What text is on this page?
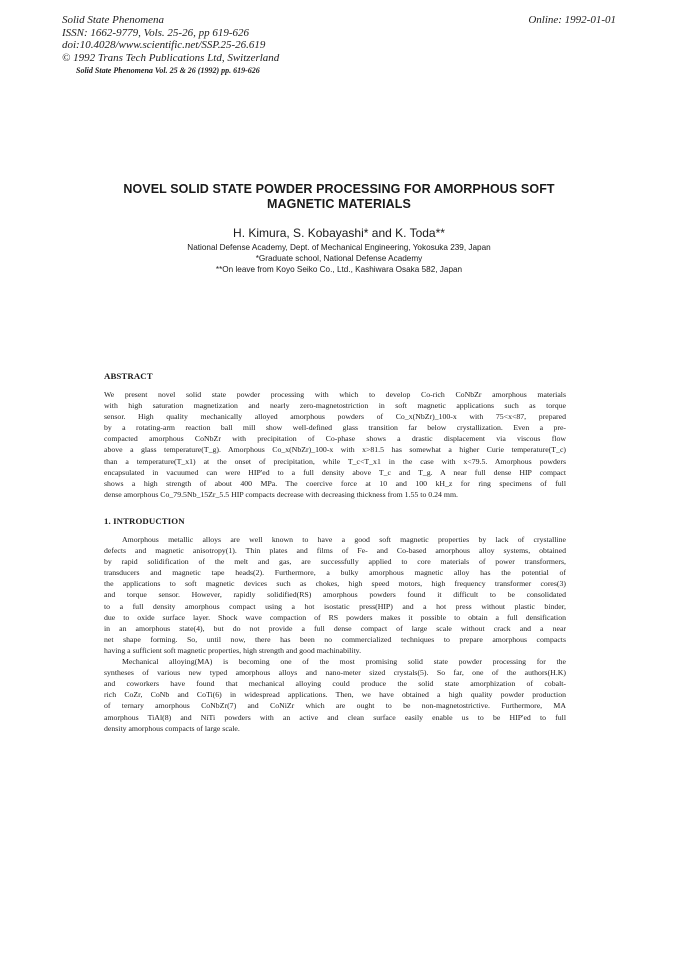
Solid State Phenomena	Online: 1992-01-01
ISSN: 1662-9779, Vols. 25-26, pp 619-626
doi:10.4028/www.scientific.net/SSP.25-26.619
© 1992 Trans Tech Publications Ltd, Switzerland
Solid State Phenomena Vol. 25 & 26 (1992) pp. 619-626
NOVEL SOLID STATE POWDER PROCESSING FOR AMORPHOUS SOFT
MAGNETIC MATERIALS
H. Kimura, S. Kobayashi* and K. Toda**
National Defense Academy, Dept. of Mechanical Engineering, Yokosuka 239, Japan
*Graduate school, National Defense Academy
**On leave from Koyo Seiko Co., Ltd., Kashiwara Osaka 582, Japan
ABSTRACT
We present novel solid state powder processing with which to develop Co-rich CoNbZr amorphous materials
with high saturation magnetization and nearly zero-magnetostriction in soft magnetic applications such as torque
sensor. High quality mechanically alloyed amorphous powders of Co_x(NbZr)_100-x with 75<x<87, prepared
by a rotating-arm reaction ball mill show well-defined glass transition far below crystallization. Even a pre-
compacted amorphous CoNbZr with precipitation of Co-phase shows a drastic displacement via viscous flow
above a glass temperature(T_g). Amorphous Co_x(NbZr)_100-x with x>81.5 has somewhat a higher Curie temperature(T_c)
than a temperature(T_x1) at the onset of precipitation, while T_c<T_x1 in the case with x<79.5. Amorphous powders
encapsulated in vacuumed can were HIP'ed to a full density above T_c and T_g. A near full dense HIP compact
shows a high strength of about 400 MPa. The coercive force at 10 and 100 kH_z for ring specimens of full
dense amorphous Co_79.5Nb_15Zr_5.5 HIP compacts decrease with decreasing thickness from 1.55 to 0.24 mm.
1. INTRODUCTION
Amorphous metallic alloys are well known to have a good soft magnetic properties by lack of crystalline
defects and magnetic anisotropy(1). Thin plates and films of Fe- and Co-based amorphous alloy systems, obtained
by rapid solidification of the melt and gas, are successfully applied to core materials of power transformers,
transducers and magnetic tape heads(2). Furthermore, a bulky amorphous magnetic alloy has the potential of
the applications to soft magnetic devices such as chokes, high speed motors, high frequency transformer cores(3)
and torque sensor. However, rapidly solidified(RS) amorphous powders found it difficult to be consolidated
to a full density amorphous compact using a hot isostatic press(HIP) and a hot press without plastic binder,
due to oxide surface layer. Shock wave compaction of RS powders makes it possible to obtain a full densification
in an amorphous state(4), but do not provide a full dense compact of large scale without crack and a near
net shape forming. So, until now, there has been no commercialized techniques to prepare amorphous compacts
having a sufficient soft magnetic properties, high strength and good machinability.
Mechanical alloying(MA) is becoming one of the most promising solid state powder processing for the
syntheses of various new typed amorphous alloys and nano-meter sized crystals(5). So far, one of the authors(H.K)
and coworkers have found that mechanical alloying could produce the solid state amorphization of cobalt-
rich CoZr, CoNb and CoTi(6) in widespread applications. Then, we have obtained a high quality powder production
of ternary amorphous CoNbZr(7) and CoNiZr which are ought to be non-magnetostrictive. Furthermore, MA
amorphous TiAl(8) and NiTi powders with an active and clean surface easily enable us to be HIP'ed to full
density amorphous compacts of large scale.
